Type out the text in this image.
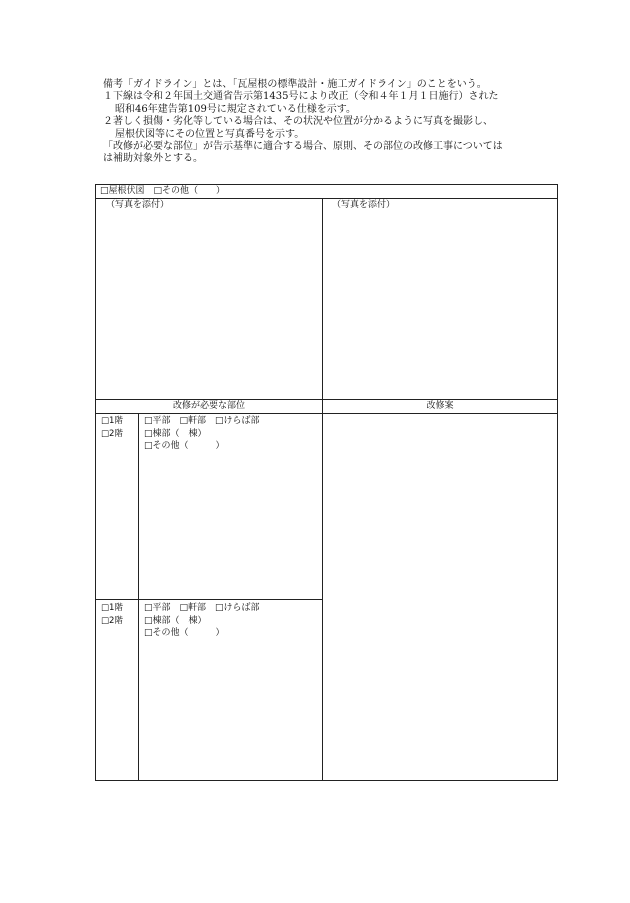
備考「ガイドライン」とは、「瓦屋根の標準設計・施工ガイドライン」のことをいう。
１下線は令和２年国土交通省告示第1435号により改正（令和４年１月１日施行）された
昭和46年建告第109号に規定されている仕様を示す。
２著しく損傷・劣化等している場合は、その状況や位置が分かるように写真を撮影し、
屋根伏図等にその位置と写真番号を示す。
「改修が必要な部位」が告示基準に適合する場合、原則、その部位の改修工事については
は補助対象外とする。
□屋根伏図　□その他（　　）
（写真を添付）	（写真を添付）
改修が必要な部位	改修案
□1階
□2階
□平部　□軒部　□けらば部
□棟部（　棟）
□その他（　　　）
□1階
□2階
□平部　□軒部　□けらば部
□棟部（　棟）
□その他（　　　）
